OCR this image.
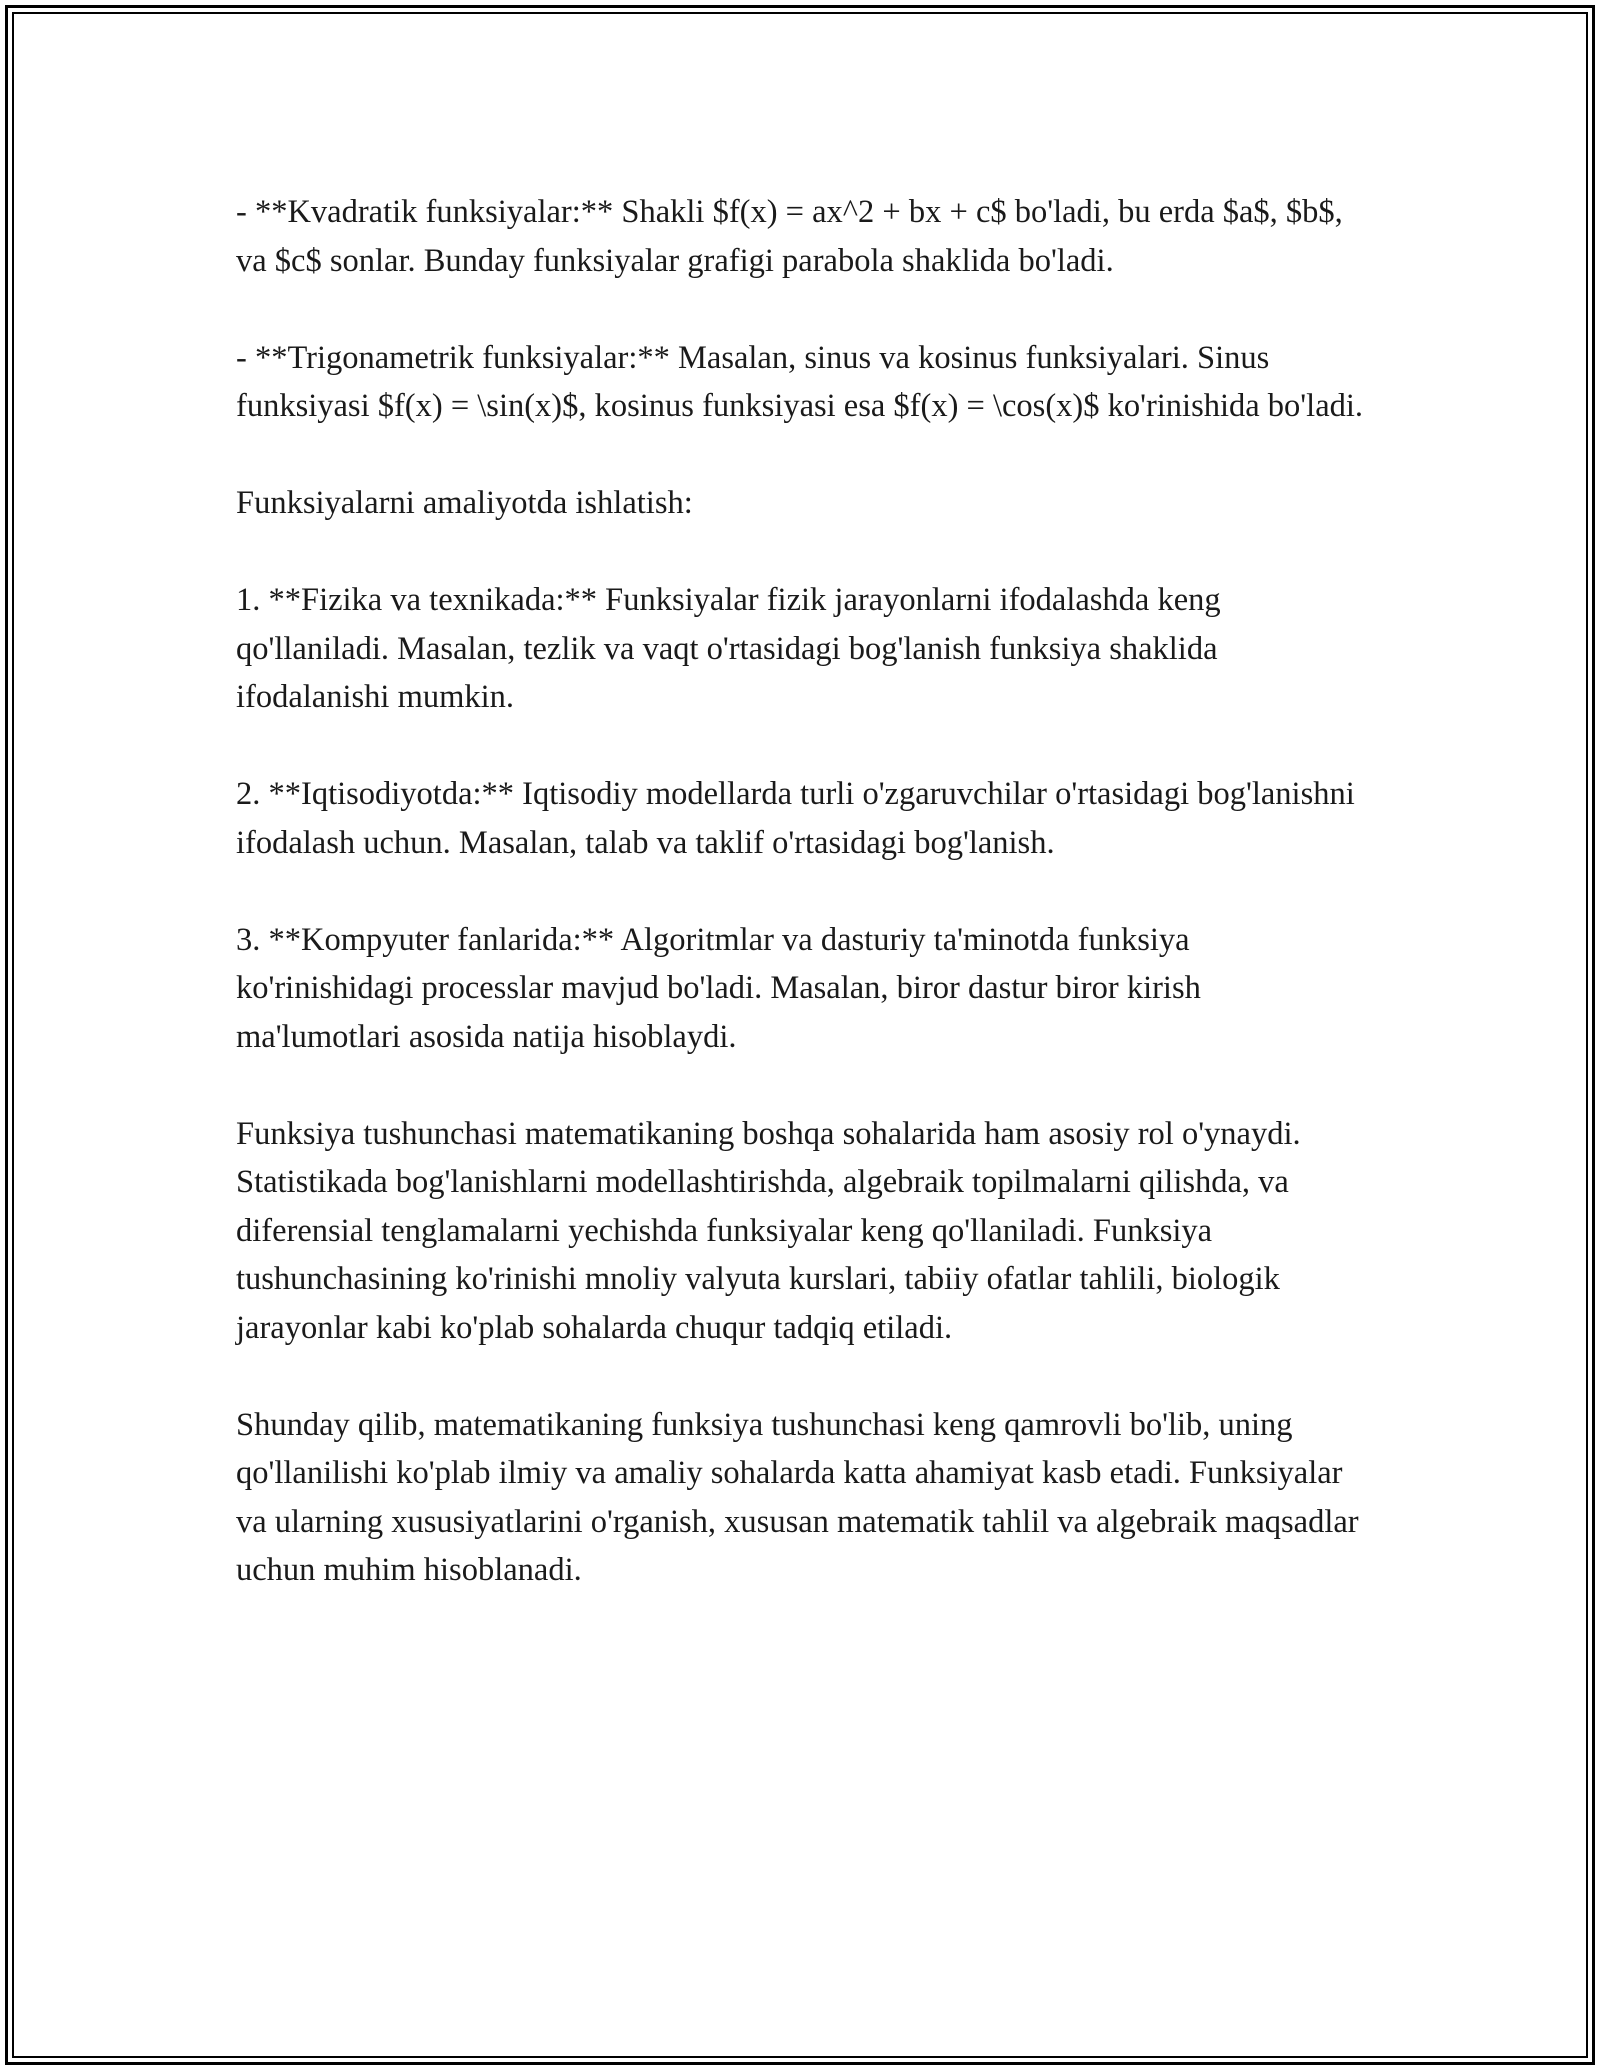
- **Kvadratik funksiyalar:** Shakli $f(x) = ax^2 + bx + c$ bo'ladi, bu erda $a$, $b$, va $c$ sonlar. Bunday funksiyalar grafigi parabola shaklida bo'ladi.

- **Trigonametrik funksiyalar:** Masalan, sinus va kosinus funksiyalari. Sinus funksiyasi $f(x) = \sin(x)$, kosinus funksiyasi esa $f(x) = \cos(x)$ ko'rinishida bo'ladi.

Funksiyalarni amaliyotda ishlatish:

1. **Fizika va texnikada:** Funksiyalar fizik jarayonlarni ifodalashda keng qo'llaniladi. Masalan, tezlik va vaqt o'rtasidagi bog'lanish funksiya shaklida ifodalanishi mumkin.

2. **Iqtisodiyotda:** Iqtisodiy modellarda turli o'zgaruvchilar o'rtasidagi bog'lanishni ifodalash uchun. Masalan, talab va taklif o'rtasidagi bog'lanish.

3. **Kompyuter fanlarida:** Algoritmlar va dasturiy ta'minotda funksiya ko'rinishidagi processlar mavjud bo'ladi. Masalan, biror dastur biror kirish ma'lumotlari asosida natija hisoblaydi.

Funksiya tushunchasi matematikaning boshqa sohalarida ham asosiy rol o'ynaydi. Statistikada bog'lanishlarni modellashtirishda, algebraik topilmalarni qilishda, va diferensial tenglamalarni yechishda funksiyalar keng qo'llaniladi. Funksiya tushunchasining ko'rinishi mnoliy valyuta kurslari, tabiiy ofatlar tahlili, biologik jarayonlar kabi ko'plab sohalarda chuqur tadqiq etiladi.

Shunday qilib, matematikaning funksiya tushunchasi keng qamrovli bo'lib, uning qo'llanilishi ko'plab ilmiy va amaliy sohalarda katta ahamiyat kasb etadi. Funksiyalar va ularning xususiyatlarini o'rganish, xususan matematik tahlil va algebraik maqsadlar uchun muhim hisoblanadi.
